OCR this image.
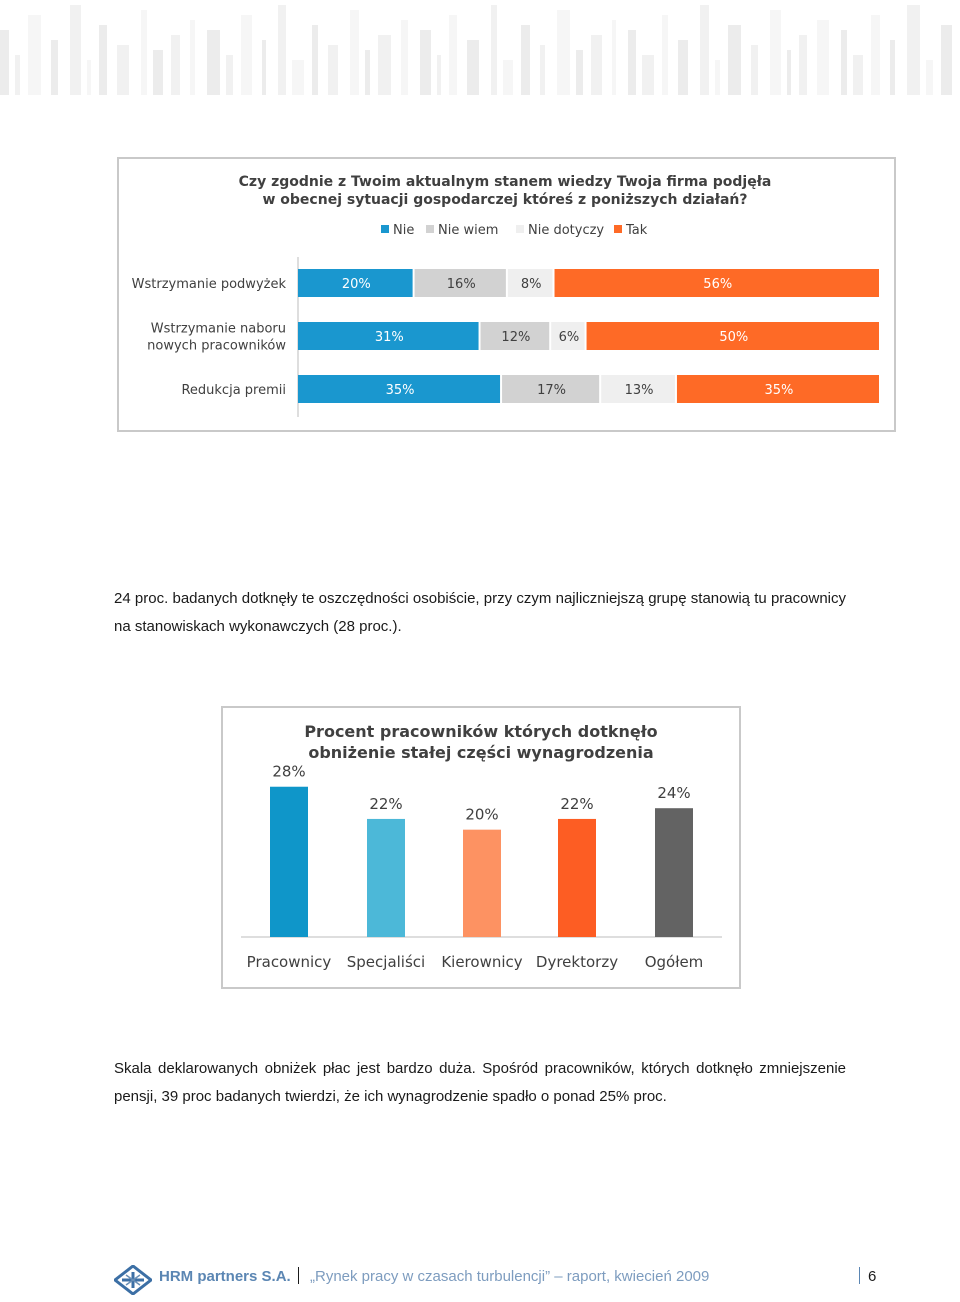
Czy zgodnie z Twoim aktualnym stanem wiedzy Twoja firma podjęła
w obecnej sytuacji gospodarczej któreś z poniższych działań?
Nie Nie wiem Nie dotyczy Tak
Wstrzymanie podwyżek	20%	16%	8%	56%
Wstrzymanie naboru
nowych pracowników
31%	12% 6%	50%
Redukcja premii	35%	17%	13%	35%
24 proc. badanych dotknęły te oszczędności osobiście, przy czym najliczniejszą grupę stanowią tu pracownicy na stanowiskach wykonawczych (28 proc.).
Procent pracowników których dotknęło
obniżenie stałej części wynagrodzenia
28%
Pracownicy
22%
Specjaliści
20%
Kierownicy
22%
Dyrektorzy
24%
Ogółem
Skala deklarowanych obniżek płac jest bardzo duża. Spośród pracowników, których dotknęło zmniejszenie pensji, 39 proc badanych twierdzi, że ich wynagrodzenie spadło o ponad 25% proc.
HRM partners S.A. „Rynek pracy w czasach turbulencji” – raport, kwiecień 2009	6
